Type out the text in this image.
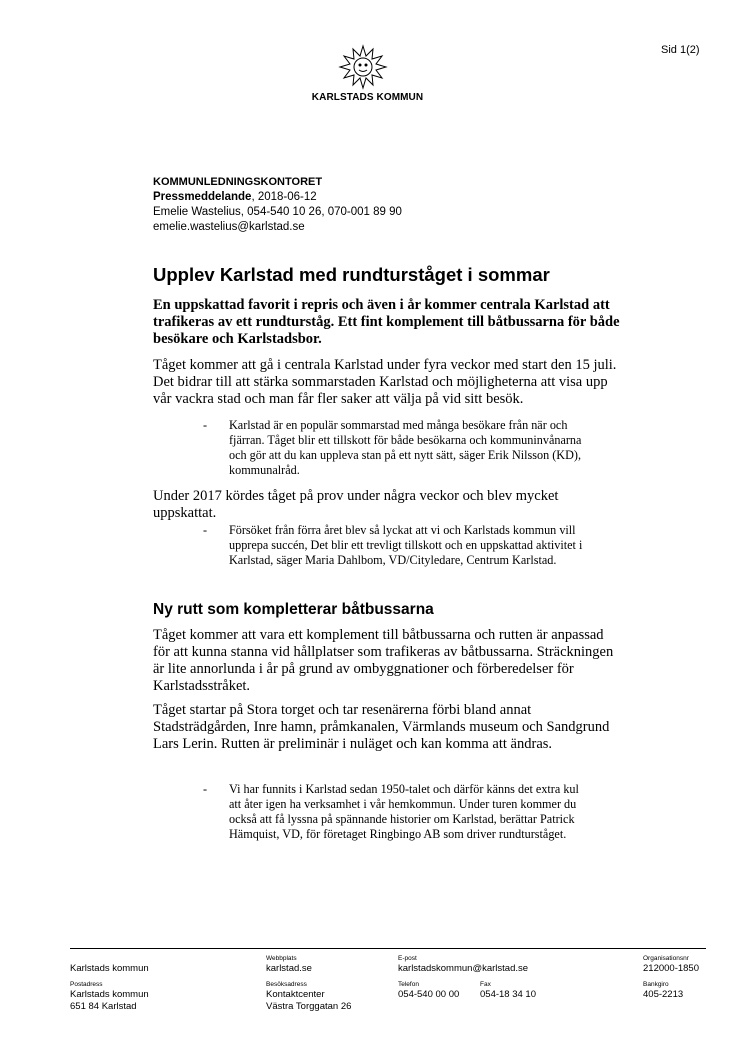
Sid 1(2)
KARLSTADS KOMMUN
KOMMUNLEDNINGSKONTORET
Pressmeddelande, 2018-06-12
Emelie Wastelius, 054-540 10 26, 070-001 89 90
emelie.wastelius@karlstad.se
Upplev Karlstad med rundturståget i sommar

En uppskattad favorit i repris och även i år kommer centrala Karlstad att trafikeras av ett rundturståg. Ett fint komplement till båtbussarna för både besökare och Karlstadsbor.

Tåget kommer att gå i centrala Karlstad under fyra veckor med start den 15 juli. Det bidrar till att stärka sommarstaden Karlstad och möjligheterna att visa upp vår vackra stad och man får fler saker att välja på vid sitt besök.

- Karlstad är en populär sommarstad med många besökare från när och fjärran. Tåget blir ett tillskott för både besökarna och kommuninvånarna och gör att du kan uppleva stan på ett nytt sätt, säger Erik Nilsson (KD), kommunalråd.

Under 2017 kördes tåget på prov under några veckor och blev mycket uppskattat.

- Försöket från förra året blev så lyckat att vi och Karlstads kommun vill upprepa succén, Det blir ett trevligt tillskott och en uppskattad aktivitet i Karlstad, säger Maria Dahlbom, VD/Cityledare, Centrum Karlstad.
Ny rutt som kompletterar båtbussarna

Tåget kommer att vara ett komplement till båtbussarna och rutten är anpassad för att kunna stanna vid hållplatser som trafikeras av båtbussarna. Sträckningen är lite annorlunda i år på grund av ombyggnationer och förberedelser för Karlstadsstråket.

Tåget startar på Stora torget och tar resenärerna förbi bland annat Stadsträdgården, Inre hamn, pråmkanalen, Värmlands museum och Sandgrund Lars Lerin. Rutten är preliminär i nuläget och kan komma att ändras.

- Vi har funnits i Karlstad sedan 1950-talet och därför känns det extra kul att åter igen ha verksamhet i vår hemkommun. Under turen kommer du också att få lyssna på spännande historier om Karlstad, berättar Patrick Hämquist, VD, för företaget Ringbingo AB som driver rundturståget.
Karlstads kommun
Webbplats
karlstad.se
E-post
karlstadskommun@karlstad.se
Organisationsnr
212000-1850
Postadress
Karlstads kommun
651 84 Karlstad
Besöksadress
Kontaktcenter
Västra Torggatan 26
Telefon
054-540 00 00
Fax
054-18 34 10
Bankgiro
405-2213
